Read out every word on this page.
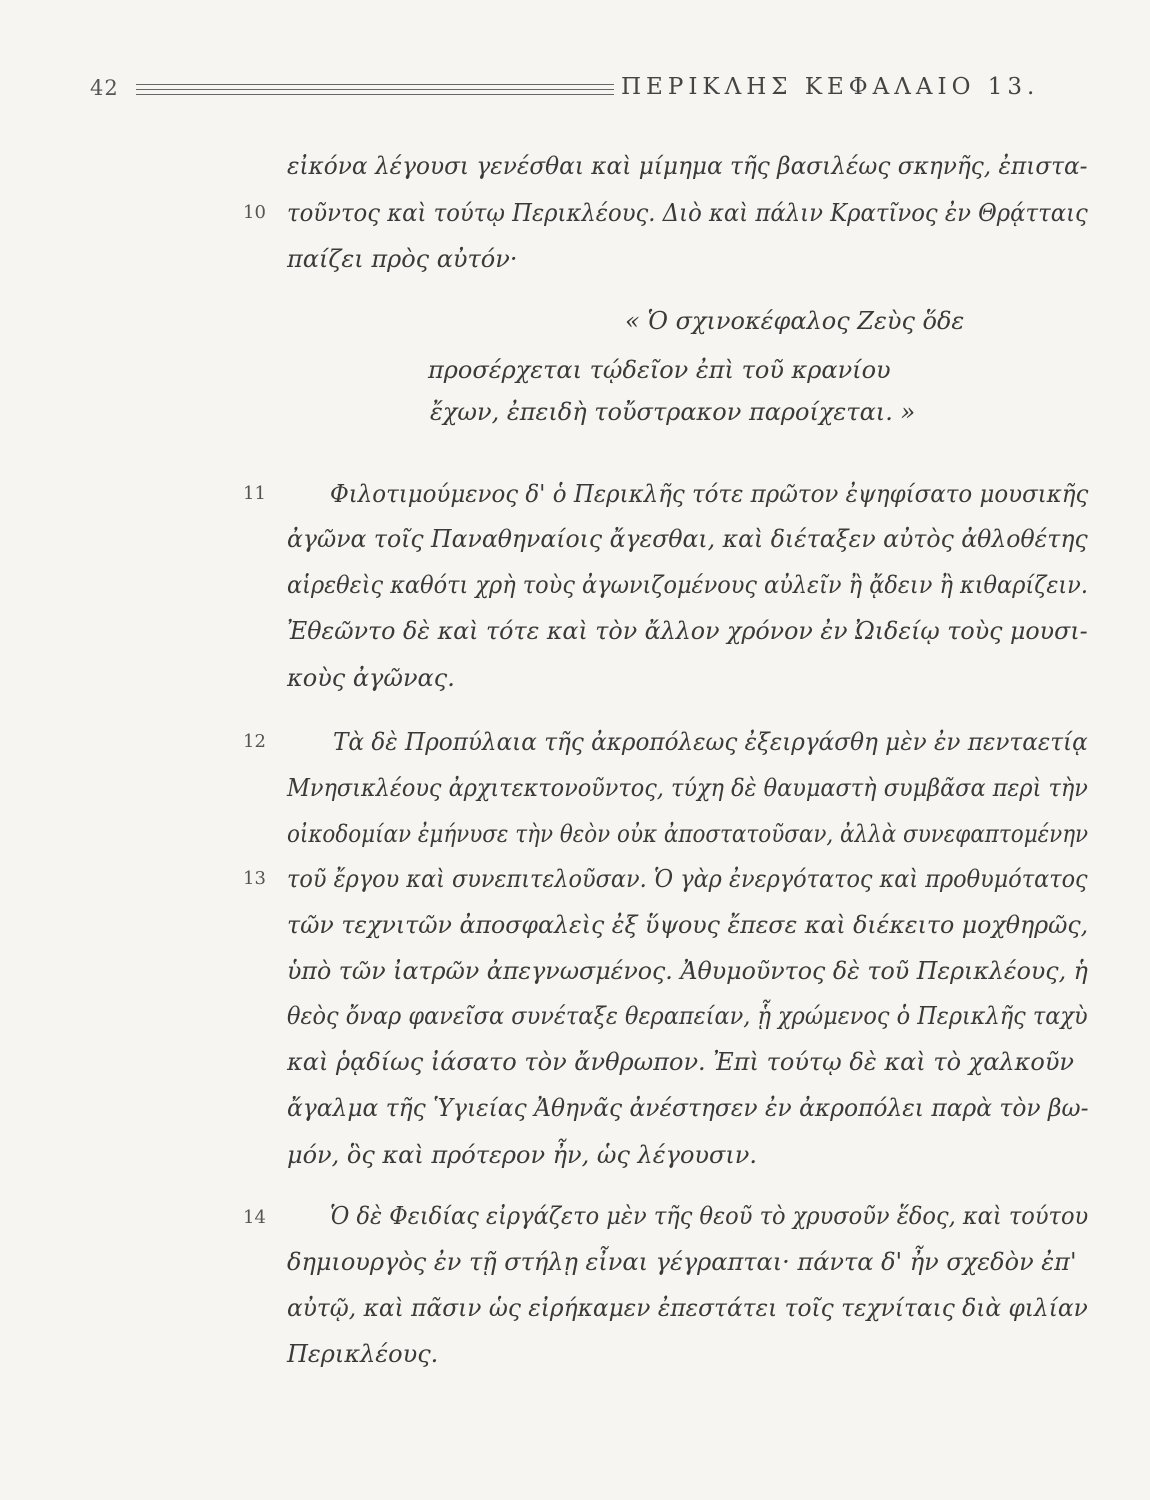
42	ΠΕΡΙΚΛΗΣ ΚΕΦΑΛΑΙΟ 13.
εἰκόνα λέγουσι γενέσθαι καὶ μίμημα τῆς βασιλέως σκηνῆς, ἐπιστα-
10 τοῦντος καὶ τούτῳ Περικλέους. Διὸ καὶ πάλιν Κρατῖνος ἐν Θρᾴτταις
παίζει πρὸς αὐτόν·
« Ὁ σχινοκέφαλος Ζεὺς ὅδε
προσέρχεται τῴδεῖον ἐπὶ τοῦ κρανίου
ἔχων, ἐπειδὴ τοὔστρακον παροίχεται. »
11	Φιλοτιμούμενος δ' ὁ Περικλῆς τότε πρῶτον ἐψηφίσατο μουσικῆς
ἀγῶνα τοῖς Παναθηναίοις ἄγεσθαι, καὶ διέταξεν αὐτὸς ἀθλοθέτης
αἱρεθεὶς καθότι χρὴ τοὺς ἀγωνιζομένους αὐλεῖν ἢ ᾄδειν ἢ κιθαρίζειν.
Ἐθεῶντο δὲ καὶ τότε καὶ τὸν ἄλλον χρόνον ἐν Ὠιδείῳ τοὺς μουσι-
κοὺς ἀγῶνας.
12	Τὰ δὲ Προπύλαια τῆς ἀκροπόλεως ἐξειργάσθη μὲν ἐν πενταετίᾳ
Μνησικλέους ἀρχιτεκτονοῦντος, τύχη δὲ θαυμαστὴ συμβᾶσα περὶ τὴν
οἰκοδομίαν ἐμήνυσε τὴν θεὸν οὐκ ἀποστατοῦσαν, ἀλλὰ συνεφαπτομένην
13 τοῦ ἔργου καὶ συνεπιτελοῦσαν. Ὁ γὰρ ἐνεργότατος καὶ προθυμότατος
τῶν τεχνιτῶν ἀποσφαλεὶς ἐξ ὕψους ἔπεσε καὶ διέκειτο μοχθηρῶς,
ὑπὸ τῶν ἰατρῶν ἀπεγνωσμένος. Ἀθυμοῦντος δὲ τοῦ Περικλέους, ἡ
θεὸς ὄναρ φανεῖσα συνέταξε θεραπείαν, ᾗ χρώμενος ὁ Περικλῆς ταχὺ
καὶ ῥᾳδίως ἰάσατο τὸν ἄνθρωπον. Ἐπὶ τούτῳ δὲ καὶ τὸ χαλκοῦν
ἄγαλμα τῆς Ὑγιείας Ἀθηνᾶς ἀνέστησεν ἐν ἀκροπόλει παρὰ τὸν βω-
μόν, ὃς καὶ πρότερον ἦν, ὡς λέγουσιν.
14	Ὁ δὲ Φειδίας εἰργάζετο μὲν τῆς θεοῦ τὸ χρυσοῦν ἕδος, καὶ τούτου
δημιουργὸς ἐν τῇ στήλῃ εἶναι γέγραπται· πάντα δ' ἦν σχεδὸν ἐπ'
αὐτῷ, καὶ πᾶσιν ὡς εἰρήκαμεν ἐπεστάτει τοῖς τεχνίταις διὰ φιλίαν
Περικλέους.
